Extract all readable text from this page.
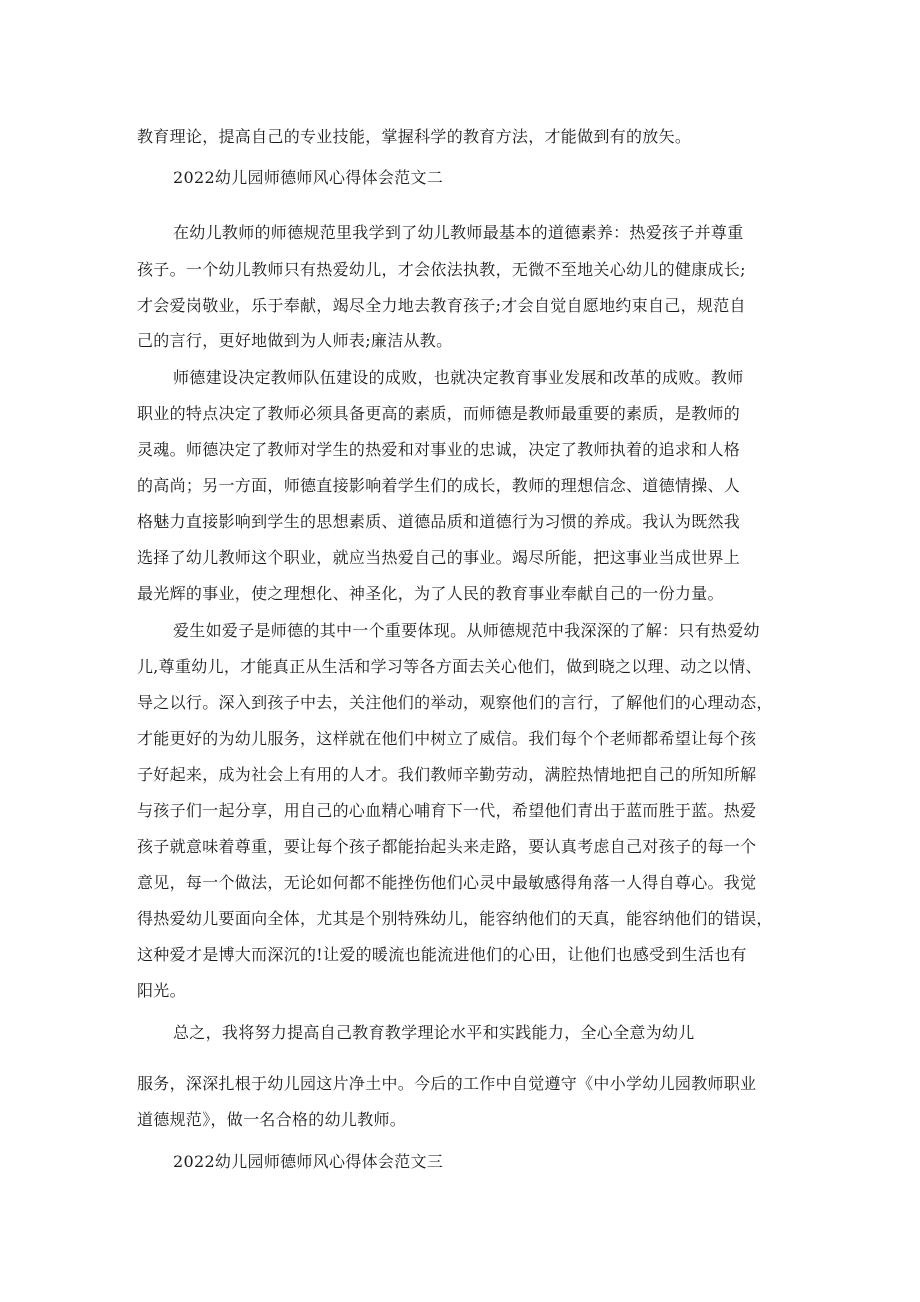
教育理论，提高自己的专业技能，掌握科学的教育方法，才能做到有的放矢。
2022幼儿园师德师风心得体会范文二
在幼儿教师的师德规范里我学到了幼儿教师最基本的道德素养：热爱孩子并尊重
孩子。一个幼儿教师只有热爱幼儿，才会依法执教，无微不至地关心幼儿的健康成长;
才会爱岗敬业，乐于奉献，竭尽全力地去教育孩子;才会自觉自愿地约束自己，规范自
己的言行，更好地做到为人师表;廉洁从教。
师德建设决定教师队伍建设的成败，也就决定教育事业发展和改革的成败。教师
职业的特点决定了教师必须具备更高的素质，而师德是教师最重要的素质，是教师的
灵魂。师德决定了教师对学生的热爱和对事业的忠诚，决定了教师执着的追求和人格
的高尚；另一方面，师德直接影响着学生们的成长，教师的理想信念、道德情操、人
格魅力直接影响到学生的思想素质、道德品质和道德行为习惯的养成。我认为既然我
选择了幼儿教师这个职业，就应当热爱自己的事业。竭尽所能，把这事业当成世界上
最光辉的事业，使之理想化、神圣化，为了人民的教育事业奉献自己的一份力量。
爱生如爱子是师德的其中一个重要体现。从师德规范中我深深的了解：只有热爱幼
儿,尊重幼儿，才能真正从生活和学习等各方面去关心他们，做到晓之以理、动之以情、
导之以行。深入到孩子中去，关注他们的举动，观察他们的言行，了解他们的心理动态，
才能更好的为幼儿服务，这样就在他们中树立了威信。我们每个个老师都希望让每个孩
子好起来，成为社会上有用的人才。我们教师辛勤劳动，满腔热情地把自己的所知所解
与孩子们一起分享，用自己的心血精心哺育下一代，希望他们青出于蓝而胜于蓝。热爱
孩子就意味着尊重，要让每个孩子都能抬起头来走路，要认真考虑自己对孩子的每一个
意见，每一个做法，无论如何都不能挫伤他们心灵中最敏感得角落一人得自尊心。我觉
得热爱幼儿要面向全体，尤其是个别特殊幼儿，能容纳他们的天真，能容纳他们的错误，
这种爱才是博大而深沉的!让爱的暖流也能流进他们的心田，让他们也感受到生活也有
阳光。
总之，我将努力提高自己教育教学理论水平和实践能力，全心全意为幼儿
服务，深深扎根于幼儿园这片净土中。今后的工作中自觉遵守《中小学幼儿园教师职业
道德规范》，做一名合格的幼儿教师。
2022幼儿园师德师风心得体会范文三
